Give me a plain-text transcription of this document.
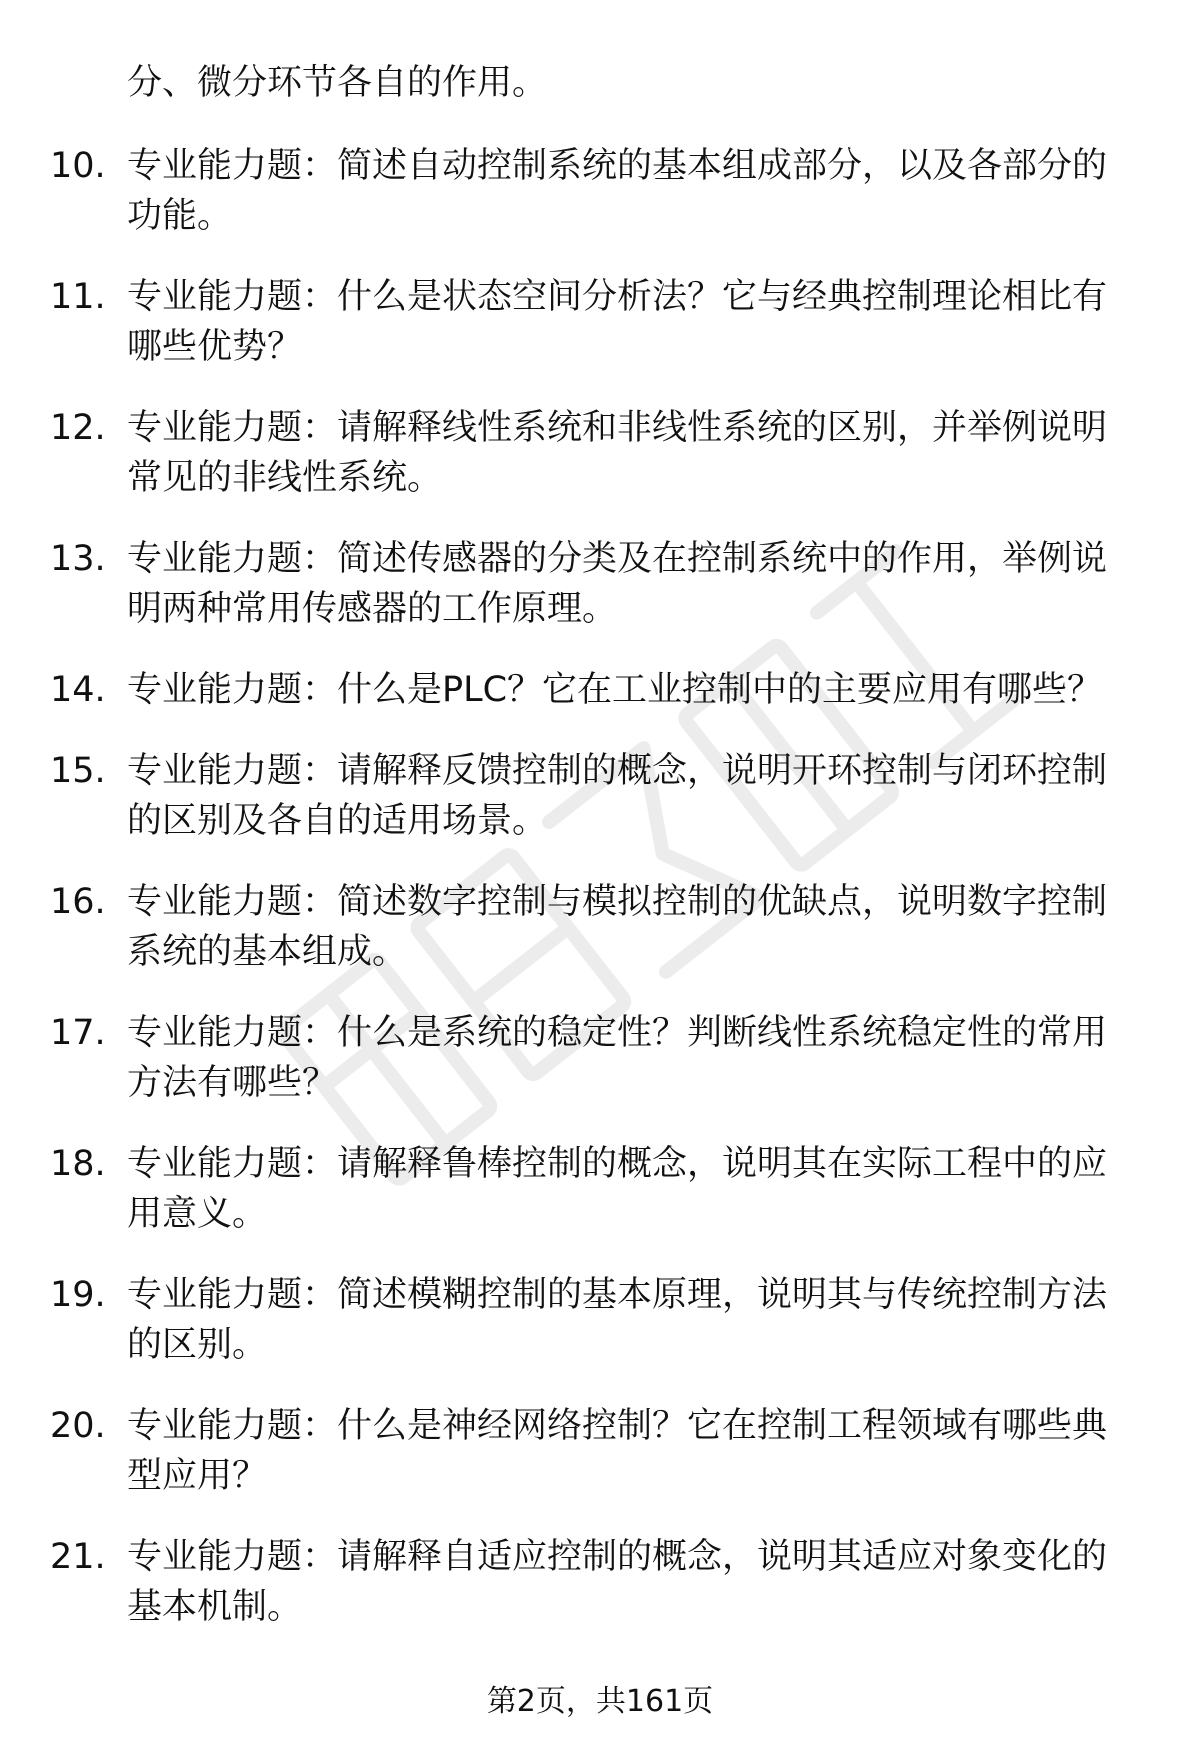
分、微分环节各自的作用。
10. 专业能力题：简述自动控制系统的基本组成部分，以及各部分的
功能。
11. 专业能力题：什么是状态空间分析法？它与经典控制理论相比有
哪些优势？
12. 专业能力题：请解释线性系统和非线性系统的区别，并举例说明
常见的非线性系统。
13. 专业能力题：简述传感器的分类及在控制系统中的作用，举例说
明两种常用传感器的工作原理。
14. 专业能力题：什么是PLC？它在工业控制中的主要应用有哪些？
15. 专业能力题：请解释反馈控制的概念，说明开环控制与闭环控制
的区别及各自的适用场景。
16. 专业能力题：简述数字控制与模拟控制的优缺点，说明数字控制
系统的基本组成。
17. 专业能力题：什么是系统的稳定性？判断线性系统稳定性的常用
方法有哪些？
18. 专业能力题：请解释鲁棒控制的概念，说明其在实际工程中的应
用意义。
19. 专业能力题：简述模糊控制的基本原理，说明其与传统控制方法
的区别。
20. 专业能力题：什么是神经网络控制？它在控制工程领域有哪些典
型应用？
21. 专业能力题：请解释自适应控制的概念，说明其适应对象变化的
基本机制。
第2页，共161页
